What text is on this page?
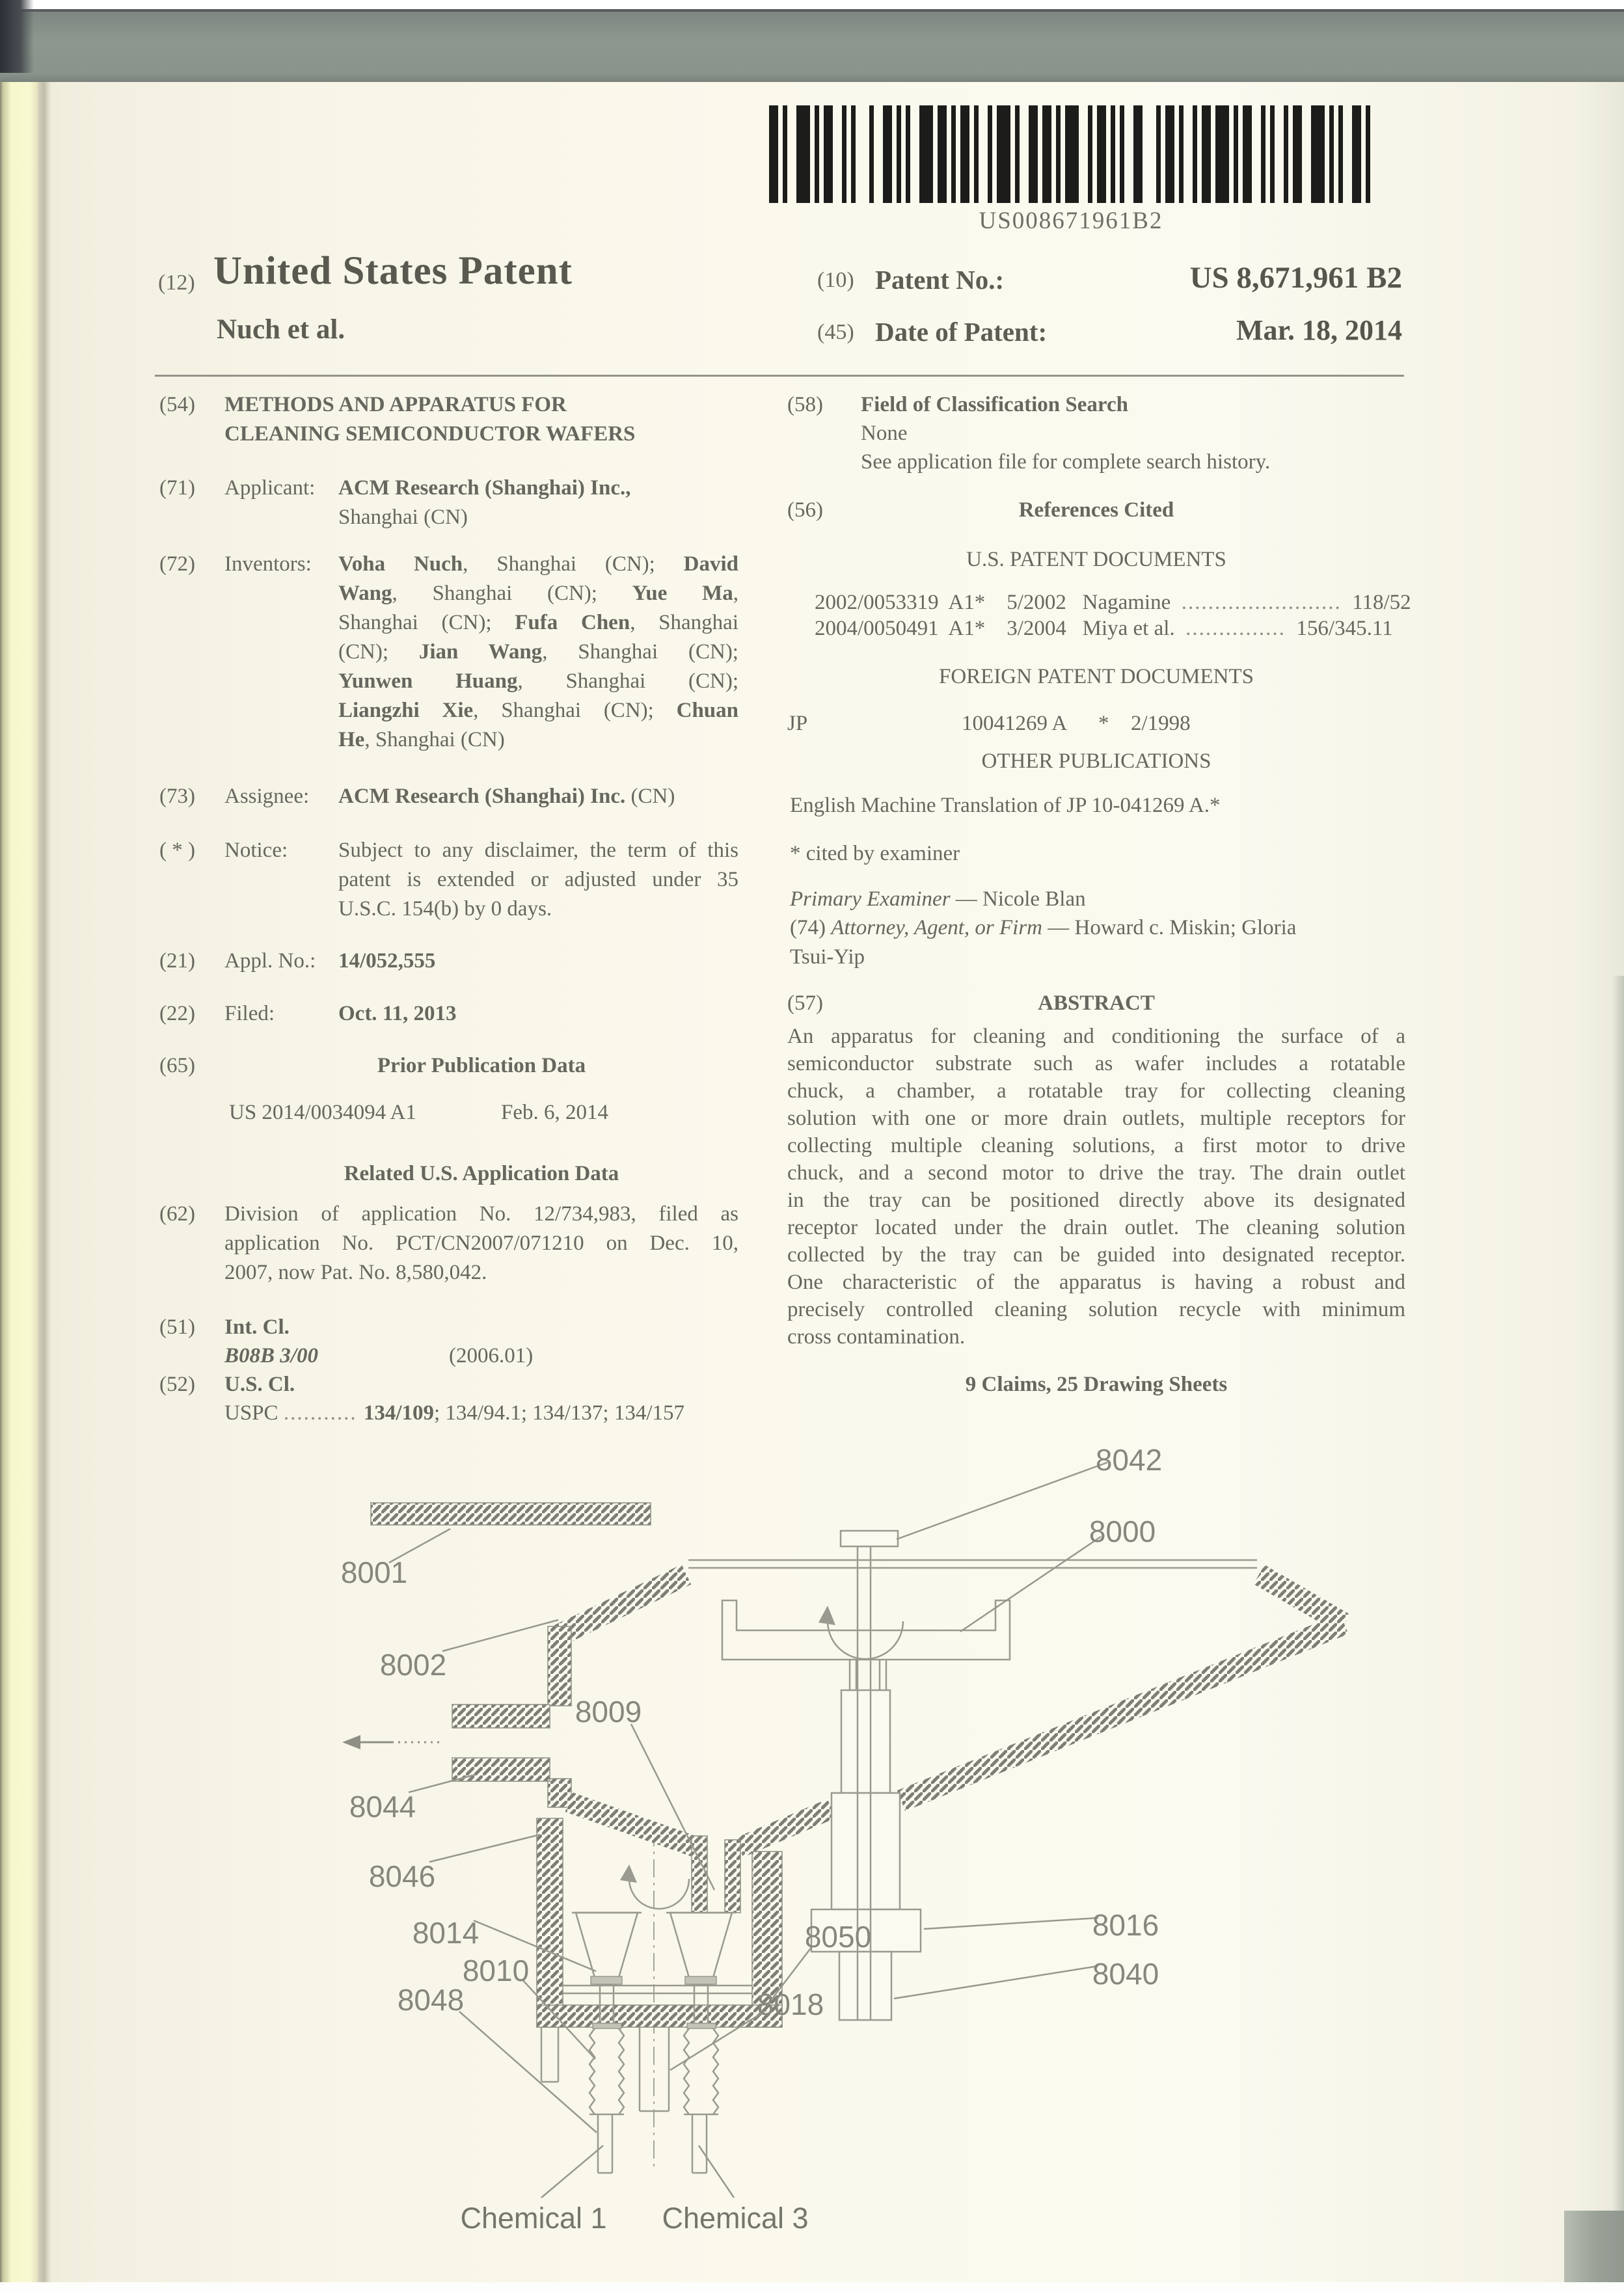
US008671961B2
(12) United States Patent
Nuch et al.
(10) Patent No.:	US 8,671,961 B2
(45) Date of Patent:	Mar. 18, 2014
(54) METHODS AND APPARATUS FOR
CLEANING SEMICONDUCTOR WAFERS
(71) Applicant: ACM Research (Shanghai) Inc.,
Shanghai (CN)
(72) Inventors: Voha Nuch, Shanghai (CN); David
Wang, Shanghai (CN); Yue Ma,
Shanghai (CN); Fufa Chen, Shanghai
(CN); Jian Wang, Shanghai (CN);
Yunwen Huang, Shanghai (CN);
Liangzhi Xie, Shanghai (CN); Chuan
He, Shanghai (CN)
(73) Assignee: ACM Research (Shanghai) Inc. (CN)
( * ) Notice: Subject to any disclaimer, the term of this
patent is extended or adjusted under 35
U.S.C. 154(b) by 0 days.
(21) Appl. No.: 14/052,555
(22) Filed:	Oct. 11, 2013
(65)	Prior Publication Data
US 2014/0034094 A1	Feb. 6, 2014
Related U.S. Application Data
(62) Division of application No. 12/734,983, filed as
application No. PCT/CN2007/071210 on Dec. 10,
2007, now Pat. No. 8,580,042.
(51) Int. Cl.
B08B 3/00	(2006.01)
(52) U.S. Cl.
USPC ........... 134/109; 134/94.1; 134/137; 134/157
(58) Field of Classification Search
None
See application file for complete search history.
(56)	References Cited
U.S. PATENT DOCUMENTS
2002/0053319 A1* 5/2002 Nagamine ........................ 118/52
2004/0050491 A1* 3/2004 Miya et al. ............... 156/345.11
FOREIGN PATENT DOCUMENTS
JP	10041269 A * 2/1998
OTHER PUBLICATIONS
English Machine Translation of JP 10-041269 A.*
* cited by examiner
Primary Examiner — Nicole Blan
(74) Attorney, Agent, or Firm — Howard c. Miskin; Gloria
Tsui-Yip
(57)	ABSTRACT
An apparatus for cleaning and conditioning the surface of a
semiconductor substrate such as wafer includes a rotatable
chuck, a chamber, a rotatable tray for collecting cleaning
solution with one or more drain outlets, multiple receptors for
collecting multiple cleaning solutions, a first motor to drive
chuck, and a second motor to drive the tray. The drain outlet
in the tray can be positioned directly above its designated
receptor located under the drain outlet. The cleaning solution
collected by the tray can be guided into designated receptor.
One characteristic of the apparatus is having a robust and
precisely controlled cleaning solution recycle with minimum
cross contamination.
9 Claims, 25 Drawing Sheets
8042
8000
8001
8002
8009
8044
8046
8014
8010
8048
8050
8018
8016
8040
Chemical 1 Chemical 3
